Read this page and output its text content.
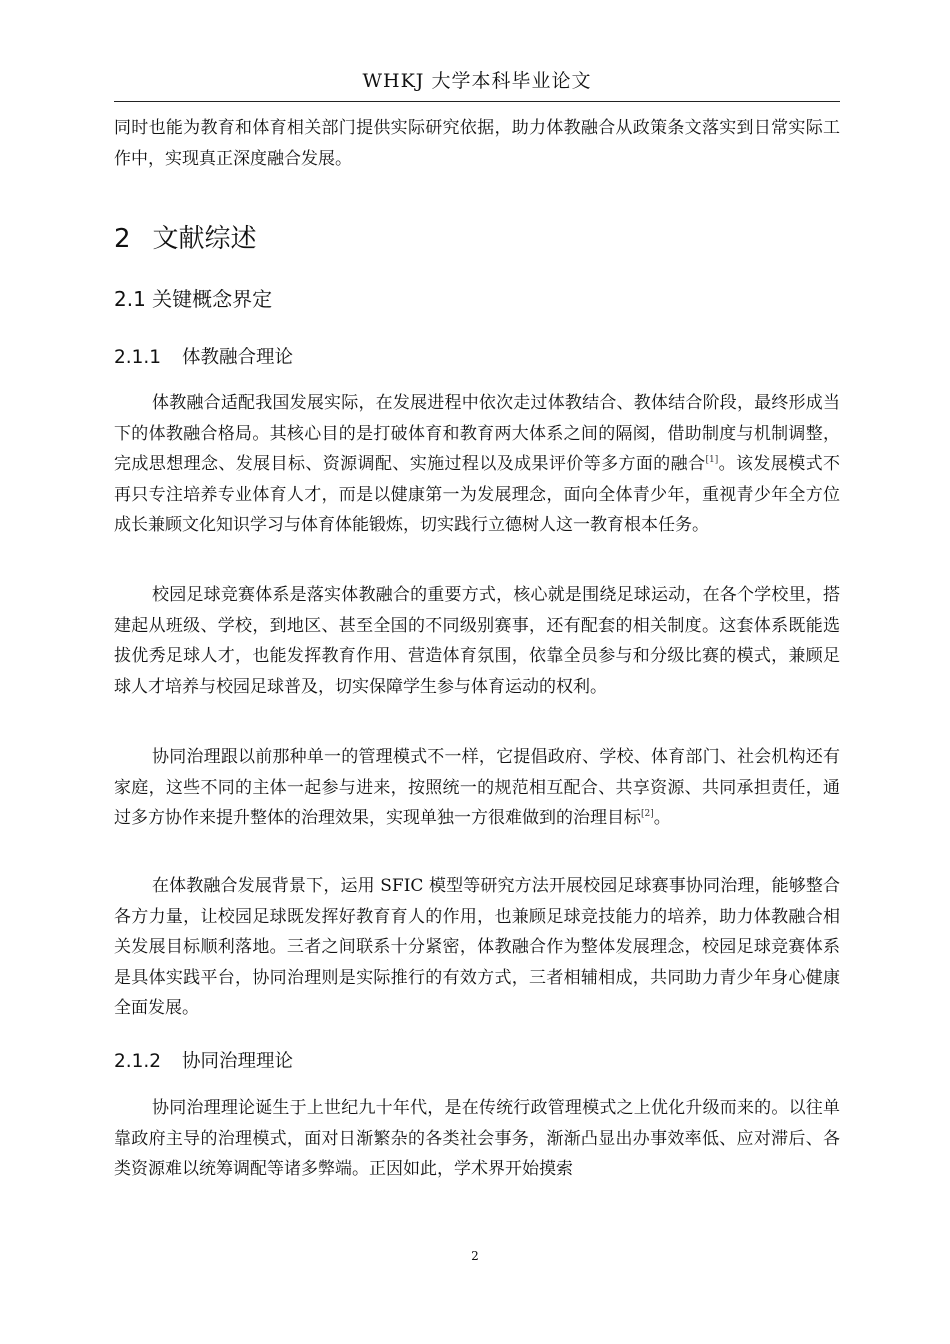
WHKJ 大学本科毕业论文

同时也能为教育和体育相关部门提供实际研究依据，助力体教融合从政策条文落实到日常实际工作中，实现真正深度融合发展。

2 文献综述
2.1 关键概念界定
2.1.1 体教融合理论

体教融合适配我国发展实际，在发展进程中依次走过体教结合、教体结合阶段，最终形成当下的体教融合格局。其核心目的是打破体育和教育两大体系之间的隔阂，借助制度与机制调整，完成思想理念、发展目标、资源调配、实施过程以及成果评价等多方面的融合[1]。该发展模式不再只专注培养专业体育人才，而是以健康第一为发展理念，面向全体青少年，重视青少年全方位成长兼顾文化知识学习与体育体能锻炼，切实践行立德树人这一教育根本任务。

校园足球竞赛体系是落实体教融合的重要方式，核心就是围绕足球运动，在各个学校里，搭建起从班级、学校，到地区、甚至全国的不同级别赛事，还有配套的相关制度。这套体系既能选拔优秀足球人才，也能发挥教育作用、营造体育氛围，依靠全员参与和分级比赛的模式，兼顾足球人才培养与校园足球普及，切实保障学生参与体育运动的权利。

协同治理跟以前那种单一的管理模式不一样，它提倡政府、学校、体育部门、社会机构还有家庭，这些不同的主体一起参与进来，按照统一的规范相互配合、共享资源、共同承担责任，通过多方协作来提升整体的治理效果，实现单独一方很难做到的治理目标[2]。

在体教融合发展背景下，运用 SFIC 模型等研究方法开展校园足球赛事协同治理，能够整合各方力量，让校园足球既发挥好教育育人的作用，也兼顾足球竞技能力的培养，助力体教融合相关发展目标顺利落地。三者之间联系十分紧密，体教融合作为整体发展理念，校园足球竞赛体系是具体实践平台，协同治理则是实际推行的有效方式，三者相辅相成，共同助力青少年身心健康全面发展。

2.1.2 协同治理理论

协同治理理论诞生于上世纪九十年代，是在传统行政管理模式之上优化升级而来的。以往单靠政府主导的治理模式，面对日渐繁杂的各类社会事务，渐渐凸显出办事效率低、应对滞后、各类资源难以统筹调配等诸多弊端。正因如此，学术界开始摸索

2
